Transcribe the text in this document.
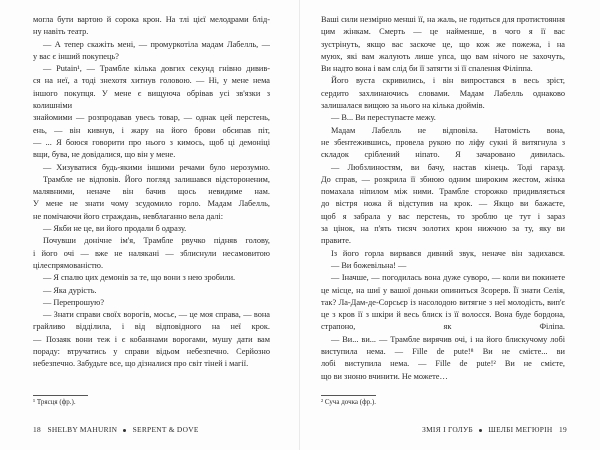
могла бути вартою й сорока крон. На тлі цієї мелодрами блід-
ну навіть театр.
— А тепер скажіть мені, — промуркотіла мадам Лабелль, —
у вас є інший покупець?
— Putain¹, — Трамбле кілька довгих секунд гнівно дивив-
ся на неї, а тоді знехотя хитнув головою. — Ні, у мене нема
іншого покупця. У мене є вищуюча обрiвав усі зв'язки з колишніми
знайомими — розпродавав увесь товар, — однак цей перстень,
ень, — він кивнув, і жару на його брови обсипав піт,
— ... Я боюся говорити про нього з кимось, щоб ці демоніці
вщи, бува, не довідалися, що він у мене.
— Хизуватися будь-якими іншими речами було нерозумно.
Трамбле не відповів. Його погляд залишався відстороненим, малявними, неначе він бачив щось невидиме нам.
У мене не знати чому зсудомило горло. Мадам Лабелль,
не помічаючи його страждань, невблаганно вела далі:
— Якби не це, ви його продали б одразу.
Почувши донічне ім'я, Трамбле рвучко підняв голову,
і його очі — вже не наляканi — зблиснули несамовитою цілеспрямованістю.
— Я спалю цих демонів за те, що вони з нею зробили.
— Яка дурість.
— Перепрошую?
— Знати справи своїх ворогів, мосьє, — це моя справа, — вона грайливо відділила, і від відповідного на неї крок.
— Позаяк вони теж і є кобаннами ворогами, мушу дати вам пораду: втручатись у справи відьом небезпечно. Серйозно
небезпечно. Забудьте все, що дізналися про світ тіней і магії.
¹ Трясця (фр.).
18 SHELBY MAHURIN SERPENT & DOVE
² Сучa дочка (фр.).
ЗМІЯ І ГОЛУБ ШЕЛБІ МЕГЮРІН 19
Ваші сили незмірно менші її, на жаль, не годиться для протистояння цим жінкам. Смерть — це найменше, в чого я її вас
зустрінуть, якщо вас заскоче це, що кож же пожежа, і на
муюх, які вам жалують лише упса, що вам нічого не захочуть,
Ви надто вона і вам слід би її затягти зі її спалення Філіппа.
Його вуста скривились, і він випростався в весь зріст,
сердито захлинаючись словами. Мадам Лабелль однаково
залишалася вищою за нього на кілька дюймів.
— В... Ви переступаєте межу.
Мадам Лабелль не відповіла. Натомість вона,
не збентежившись, провела рукою по ліфу сукні й витягнула з складок сріблений ніпато. Я зачаровано дивилась.
— Любзлиностям, ви бачу, настав кінець. Тоді гаразд.
До справ, — розкрила її збиюю одним широким жестом, жінка помахала ніпилом між ними. Трамбле сторожко придивляється
до вістря ножа й відступив на крок. — Якщо ви бажаєте,
щоб я забрала у вас перстень, то зроблю це тут і зараз
за цінок, на п'ять тисяч золотих крон нижчою за ту, яку ви
правите.
Із його горла вирвався дивний звук, неначе він задихався.
— Ви божевільна! —
— Іначше, — погодилась вона дуже суворо, — коли ви покинете це місце, на шиї у вашої доньки опиниться Зсорерв. Її знати Селія, так? Ла-Дам-де-Сорсьєр із насолодою витягне з неї молодість, вип'є це з кров її з шкіри й весь блиск із її волосся. Вона буде бордона, страпоно, як Філіпа.
— Ви... ви... — Трамбле вирячив очі, і на його блискучому лобі виступила нема. — Fille de pute!⁸ Ви не смієте... ви
лобі виступила нема. — Fille de pute!² Ви не смієте,
що ви зноню вчинити. Не можете…
